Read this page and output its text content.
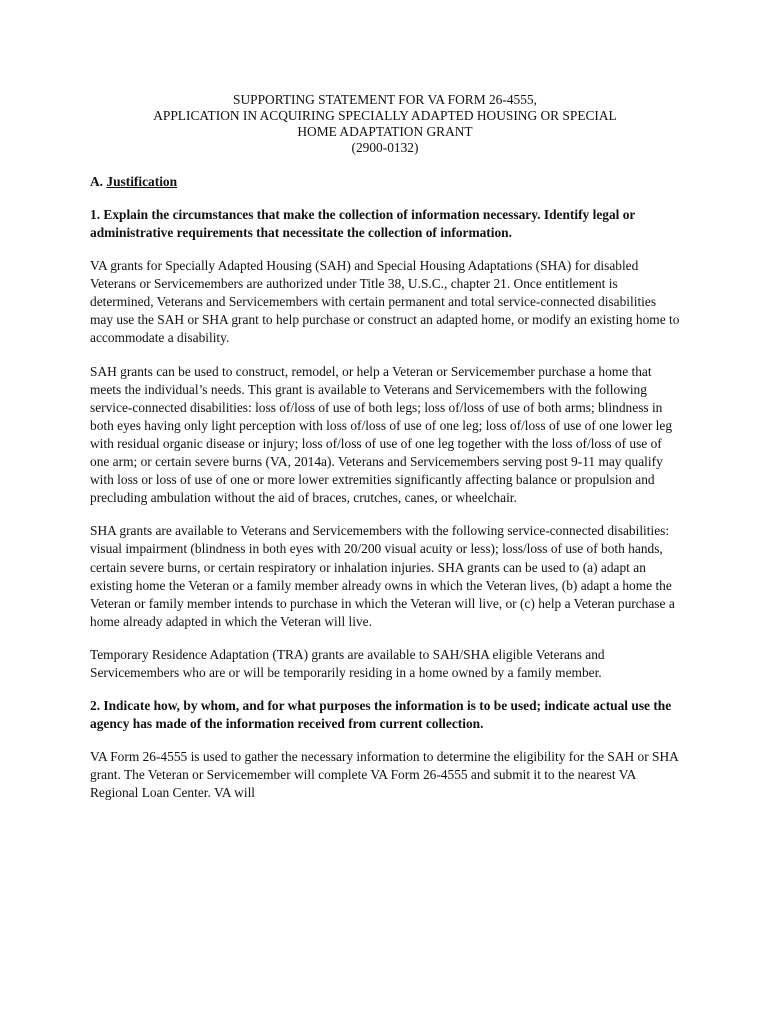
SUPPORTING STATEMENT FOR VA FORM 26-4555,
APPLICATION IN ACQUIRING SPECIALLY ADAPTED HOUSING OR SPECIAL
HOME ADAPTATION GRANT
(2900-0132)
A. Justification

1. Explain the circumstances that make the collection of information necessary. Identify legal or administrative requirements that necessitate the collection of information.

VA grants for Specially Adapted Housing (SAH) and Special Housing Adaptations (SHA) for disabled Veterans or Servicemembers are authorized under Title 38, U.S.C., chapter 21. Once entitlement is determined, Veterans and Servicemembers with certain permanent and total service-connected disabilities may use the SAH or SHA grant to help purchase or construct an adapted home, or modify an existing home to accommodate a disability.

SAH grants can be used to construct, remodel, or help a Veteran or Servicemember purchase a home that meets the individual’s needs. This grant is available to Veterans and Servicemembers with the following service-connected disabilities: loss of/loss of use of both legs; loss of/loss of use of both arms; blindness in both eyes having only light perception with loss of/loss of use of one leg; loss of/loss of use of one lower leg with residual organic disease or injury; loss of/loss of use of one leg together with the loss of/loss of use of one arm; or certain severe burns (VA, 2014a). Veterans and Servicemembers serving post 9-11 may qualify with loss or loss of use of one or more lower extremities significantly affecting balance or propulsion and precluding ambulation without the aid of braces, crutches, canes, or wheelchair.

SHA grants are available to Veterans and Servicemembers with the following service-connected disabilities: visual impairment (blindness in both eyes with 20/200 visual acuity or less); loss/loss of use of both hands, certain severe burns, or certain respiratory or inhalation injuries. SHA grants can be used to (a) adapt an existing home the Veteran or a family member already owns in which the Veteran lives, (b) adapt a home the Veteran or family member intends to purchase in which the Veteran will live, or (c) help a Veteran purchase a home already adapted in which the Veteran will live.

Temporary Residence Adaptation (TRA) grants are available to SAH/SHA eligible Veterans and Servicemembers who are or will be temporarily residing in a home owned by a family member.

2. Indicate how, by whom, and for what purposes the information is to be used; indicate actual use the agency has made of the information received from current collection.

VA Form 26-4555 is used to gather the necessary information to determine the eligibility for the SAH or SHA grant. The Veteran or Servicemember will complete VA Form 26-4555 and submit it to the nearest VA Regional Loan Center. VA will
